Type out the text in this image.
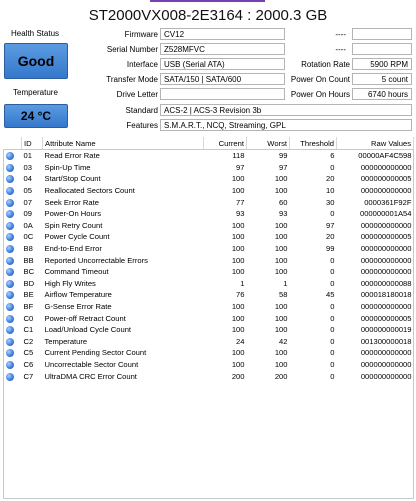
ST2000VX008-2E3164 : 2000.3 GB
Health Status
Good
Temperature
24 °C
Firmware CV12
Serial Number Z528MFVC
Interface USB (Serial ATA)
Transfer Mode SATA/150 | SATA/600
Drive Letter
----
----
Rotation Rate	5900 RPM
Power On Count	5 count
Power On Hours	6740 hours
Standard ACS-2 | ACS-3 Revision 3b
Features S.M.A.R.T., NCQ, Streaming, GPL
	ID	Attribute Name	Current	Worst	Threshold	Raw Values
	01	Read Error Rate	118	99	6	00000AF4C598
	03	Spin-Up Time	97	97	0	000000000000
	04	Start/Stop Count	100	100	20	000000000005
	05	Reallocated Sectors Count	100	100	10	000000000000
	07	Seek Error Rate	77	60	30	0000361F92F
	09	Power-On Hours	93	93	0	000000001A54
	0A	Spin Retry Count	100	100	97	000000000000
	0C	Power Cycle Count	100	100	20	000000000005
	B8	End-to-End Error	100	100	99	000000000000
	BB	Reported Uncorrectable Errors	100	100	0	000000000000
	BC	Command Timeout	100	100	0	000000000000
	BD	High Fly Writes	1	1	0	000000000088
	BE	Airflow Temperature	76	58	45	000018180018
	BF	G-Sense Error Rate	100	100	0	000000000000
	C0	Power-off Retract Count	100	100	0	000000000005
	C1	Load/Unload Cycle Count	100	100	0	000000000019
	C2	Temperature	24	42	0	001300000018
	C5	Current Pending Sector Count	100	100	0	000000000000
	C6	Uncorrectable Sector Count	100	100	0	000000000000
	C7	UltraDMA CRC Error Count	200	200	0	000000000000
